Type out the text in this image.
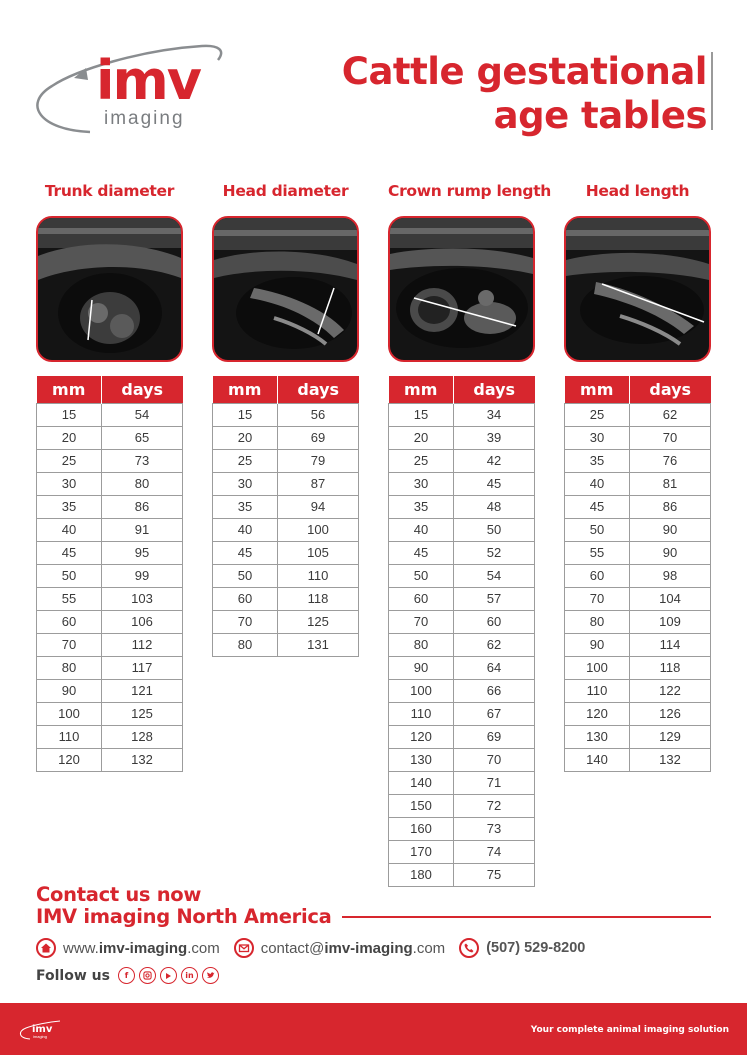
imv
imaging
Cattle gestational
age tables
Trunk diameter
mm	days
15	54
20	65
25	73
30	80
35	86
40	91
45	95
50	99
55	103
60	106
70	112
80	117
90	121
100	125
110	128
120	132
Head diameter
mm	days
15	56
20	69
25	79
30	87
35	94
40	100
45	105
50	110
60	118
70	125
80	131
Crown rump length
mm	days
15	34
20	39
25	42
30	45
35	48
40	50
45	52
50	54
60	57
70	60
80	62
90	64
100	66
110	67
120	69
130	70
140	71
150	72
160	73
170	74
180	75
Head length
mm	days
25	62
30	70
35	76
40	81
45	86
50	90
55	90
60	98
70	104
80	109
90	114
100	118
110	122
120	126
130	129
140	132
Contact us now
IMV imaging North America
www.imv-imaging.com	contact@imv-imaging.com	(507) 529-8200
Follow us	f	in
imv
imaging
Your complete animal imaging solution
